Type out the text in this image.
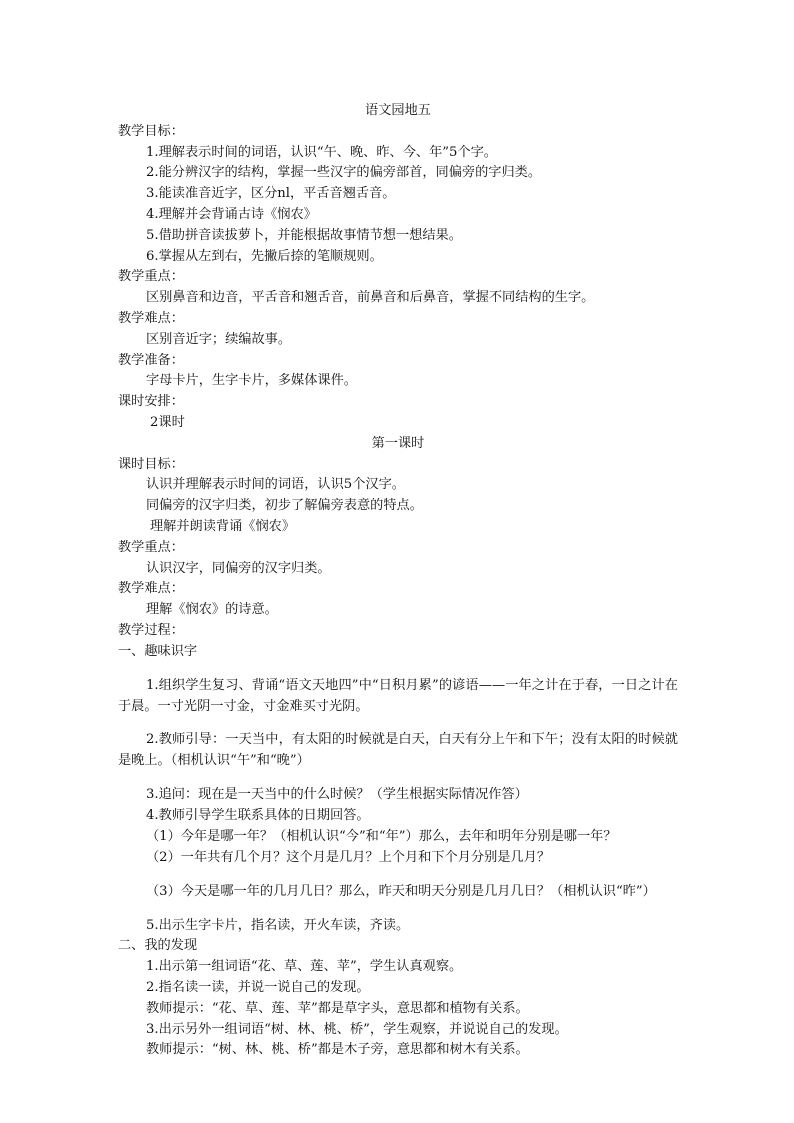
语文园地五

教学目标：

1.理解表示时间的词语，认识“午、晚、昨、今、年”5个字。

2.能分辨汉字的结构，掌握一些汉字的偏旁部首，同偏旁的字归类。

3.能读准音近字，区分nl，平舌音翘舌音。

4.理解并会背诵古诗《悯农》

5.借助拼音读拔萝卜，并能根据故事情节想一想结果。

6.掌握从左到右，先撇后捺的笔顺规则。

教学重点：

区别鼻音和边音，平舌音和翘舌音，前鼻音和后鼻音，掌握不同结构的生字。

教学难点：

区别音近字；续编故事。

教学准备：

字母卡片，生字卡片，多媒体课件。

课时安排：

2课时

第一课时

课时目标：

认识并理解表示时间的词语，认识5个汉字。

同偏旁的汉字归类，初步了解偏旁表意的特点。

理解并朗读背诵《悯农》

教学重点：

认识汉字，同偏旁的汉字归类。

教学难点：

理解《悯农》的诗意。

教学过程：

一、趣味识字

1.组织学生复习、背诵“语文天地四”中“日积月累”的谚语——一年之计在于春，一日之计在于晨。一寸光阴一寸金，寸金难买寸光阴。

2.教师引导：一天当中，有太阳的时候就是白天，白天有分上午和下午；没有太阳的时候就是晚上。（相机认识“午”和“晚”）

3.追问：现在是一天当中的什么时候？（学生根据实际情况作答）

4.教师引导学生联系具体的日期回答。

（1）今年是哪一年？（相机认识“今”和“年”）那么，去年和明年分别是哪一年？

（2）一年共有几个月？这个月是几月？上个月和下个月分别是几月？

（3）今天是哪一年的几月几日？那么，昨天和明天分别是几月几日？（相机认识“昨”）

5.出示生字卡片，指名读，开火车读，齐读。

二、我的发现

1.出示第一组词语“花、草、莲、苹”，学生认真观察。

2.指名读一读，并说一说自己的发现。

教师提示：“花、草、莲、苹”都是草字头，意思都和植物有关系。

3.出示另外一组词语“树、林、桃、桥”，学生观察，并说说自己的发现。

教师提示：“树、林、桃、桥”都是木子旁，意思都和树木有关系。
